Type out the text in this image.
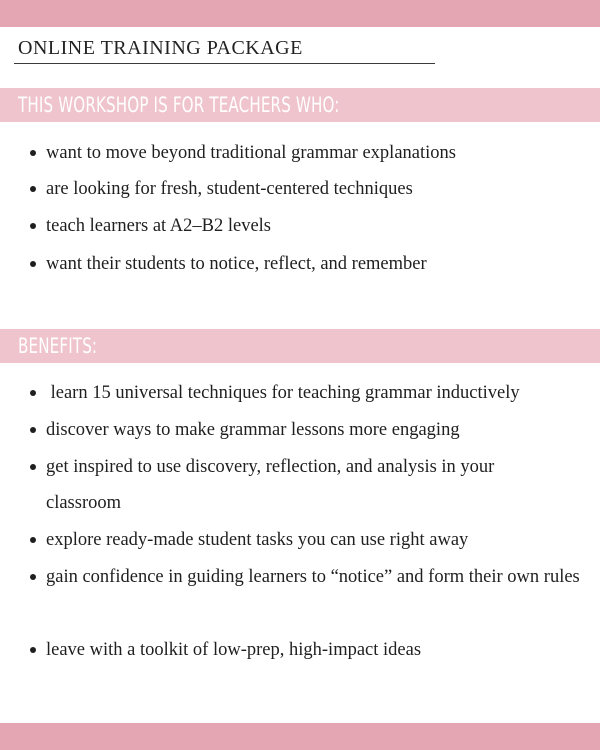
ONLINE TRAINING PACKAGE
THIS WORKSHOP IS FOR TEACHERS WHO:
want to move beyond traditional grammar explanations
are looking for fresh, student-centered techniques
teach learners at A2–B2 levels
want their students to notice, reflect, and remember
BENEFITS:
learn 15 universal techniques for teaching grammar inductively
discover ways to make grammar lessons more engaging
get inspired to use discovery, reflection, and analysis in your classroom
explore ready-made student tasks you can use right away
gain confidence in guiding learners to “notice” and form their own rules
leave with a toolkit of low-prep, high-impact ideas
